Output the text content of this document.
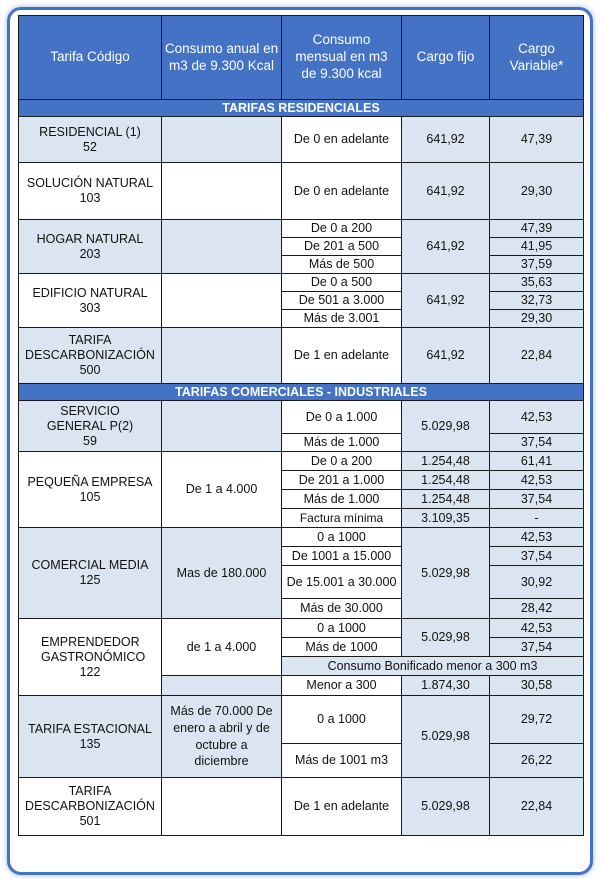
Tarifa Código	Consumo anual en m3 de 9.300 Kcal	Consumo mensual en m3 de 9.300 kcal	Cargo fijo	Cargo Variable*
TARIFAS RESIDENCIALES				

RESIDENCIAL (1)
52		De 0 en adelante	641,92	47,39

SOLUCIÓN NATURAL
103		De 0 en adelante	641,92	29,30

HOGAR NATURAL
203		De 0 a 200	641,92	47,39
		De 201 a 500		41,95
		Más de 500		37,59

EDIFICIO NATURAL
303		De 0 a 500	641,92	35,63
		De 501 a 3.000		32,73
		Más de 3.001		29,30

TARIFA DESCARBONIZACIÓN
500		De 1 en adelante	641,92	22,84
TARIFAS COMERCIALES - INDUSTRIALES				

SERVICIO GENERAL P(2)
59		De 0 a 1.000	5.029,98	42,53
		Más de 1.000		37,54

PEQUEÑA EMPRESA
105	De 1 a 4.000	De 0 a 200	1.254,48	61,41
		De 201 a 1.000	1.254,48	42,53
		Más de 1.000	1.254,48	37,54
		Factura mínima	3.109,35	-

COMERCIAL MEDIA
125	Mas de 180.000	0 a 1000	5.029,98	42,53
		De 1001 a 15.000		37,54
		De 15.001 a 30.000		30,92
		Más de 30.000		28,42

EMPRENDEDOR GASTRONÓMICO
122	de 1 a 4.000	0 a 1000	5.029,98	42,53
		Más de 1000		37,54
		Consumo Bonificado menor a 300 m3		
		Menor a 300	1.874,30	30,58

TARIFA ESTACIONAL
135	Más de 70.000 De enero a abril y de octubre a diciembre	0 a 1000	5.029,98	29,72
		Más de 1001 m3		26,22

TARIFA DESCARBONIZACIÓN
501		De 1 en adelante	5.029,98	22,84
